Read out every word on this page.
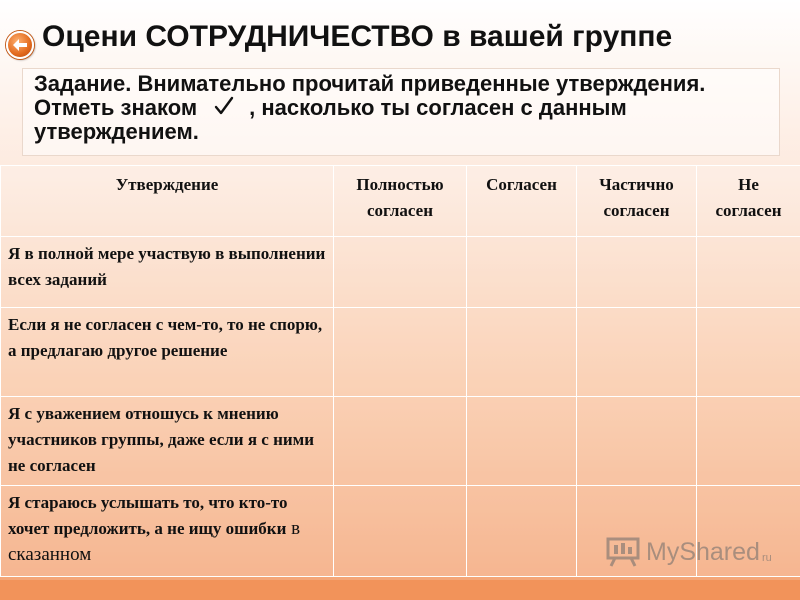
Оцени СОТРУДНИЧЕСТВО в вашей группе

Задание. Внимательно прочитай приведенные утверждения. Отметь знаком , насколько ты согласен с данным утверждением.

Утверждение	Полностью согласен	Согласен	Частично согласен	Не согласен
Я в полной мере участвую в выполнении всех заданий				
Если я не согласен с чем-то, то не спорю, а предлагаю другое решение				
Я с уважением отношусь к мнению участников группы, даже если я с ними не согласен				
Я стараюсь услышать то, что кто-то хочет предложить, а не ищу ошибки в сказанном					MyShared ru
